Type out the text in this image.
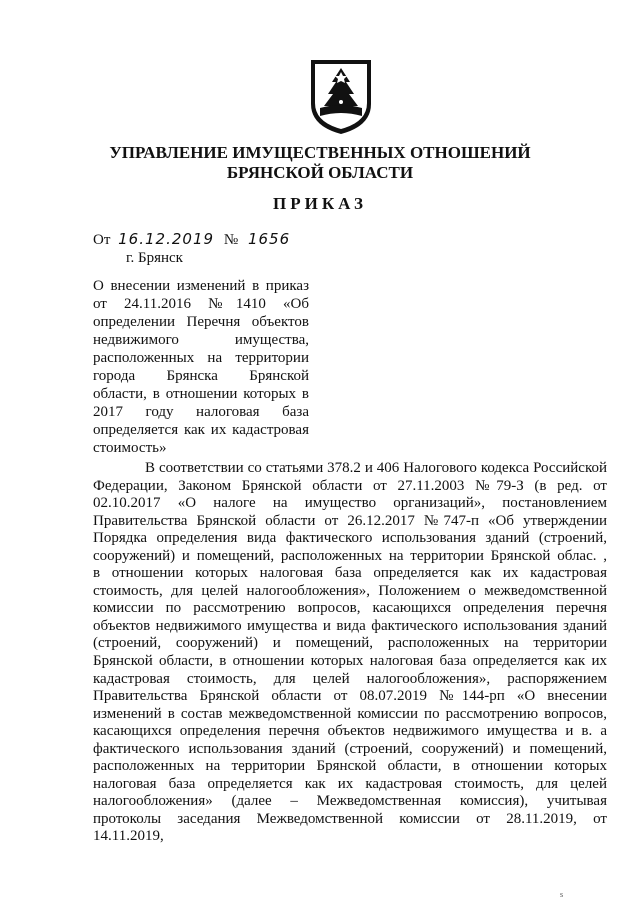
УПРАВЛЕНИЕ ИМУЩЕСТВЕННЫХ ОТНОШЕНИЙ
БРЯНСКОЙ ОБЛАСТИ
ПРИКАЗ
От 16.12.2019 № 1656
г. Брянск
О внесении изменений в приказ
от 24.11.2016 №1410 «Об
определении Перечня объектов
недвижимого имущества,
расположенных на территории
города Брянска Брянской
области, в отношении которых в
2017 году налоговая база
определяется как их кадастровая
стоимость»
В соответствии со статьями 378.2 и 406 Налогового кодекса Российской
Федерации, Законом Брянской области от 27.11.2003 №79-З (в ред. от
02.10.2017 «О налоге на имущество организаций», постановлением
Правительства Брянской области от 26.12.2017 №747-п «Об утверждении
Порядка определения вида фактического использования зданий (строений,
сооружений) и помещений, расположенных на территории Брянской облас. ,
в отношении которых налоговая база определяется как их кадастровая
стоимость, для целей налогообложения», Положением о межведомственной
комиссии по рассмотрению вопросов, касающихся определения перечня
объектов недвижимого имущества и вида фактического использования зданий
(строений, сооружений) и помещений, расположенных на территории
Брянской области, в отношении которых налоговая база определяется как их
кадастровая стоимость, для целей налогообложения», распоряжением
Правительства Брянской области от 08.07.2019 №144-рп «О внесении
изменений в состав межведомственной комиссии по рассмотрению вопросов,
касающихся определения перечня объектов недвижимого имущества и в. а
фактического использования зданий (строений, сооружений) и помещений,
расположенных на территории Брянской области, в отношении которых
налоговая база определяется как их кадастровая стоимость, для целей
налогообложения» (далее – Межведомственная комиссия), учитывая
протоколы заседания Межведомственной комиссии от 28.11.2019, от
14.11.2019,
s
